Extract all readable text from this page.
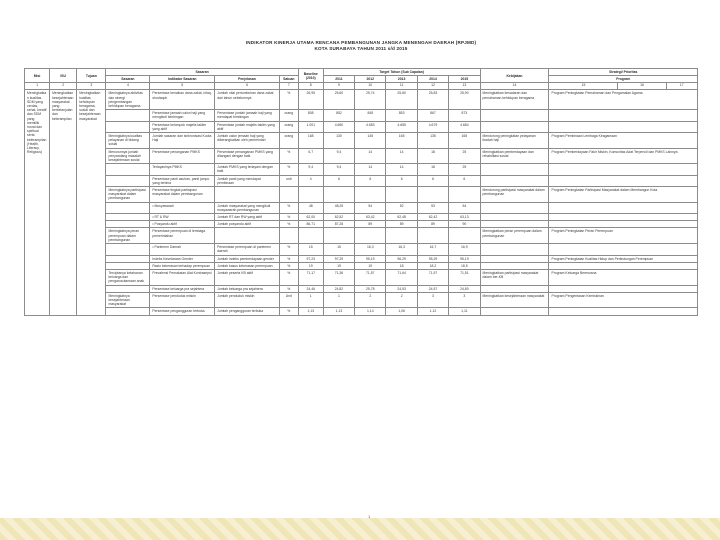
INDIKATOR KINERJA UTAMA RENCANA PEMBANGUNAN JANGKA MENENGAH DAERAH (RPJMD)
KOTA SURABAYA TAHUN 2011 s/d 2015
Misi	ISU	Tujuan	Sasaran				Baseline (2010)	Target Tahun (Sub Capaian)					Kebijakan	Strategi/ Prioritas		
			Sasaran	Indikator Sasaran	Penjelasan	Satuan		2011	2012	2013	2014	2015		Program		
1	2	3	4	5	6	7	8	9	10	11	12	13	14	15	16	17
Meningkatkan kualitas SDM yang cerdas, sehat, kreatif dan SDM yang memiliki moral dan spiritual serta keterampilan (Health, Literacy, Religious)	Meningkatkan kesejahteraan masyarakat yang berkelanjutan dan keterampilan	Meningkatkan kualitas kehidupan beragama, sosial dan kesejahteraan masyarakat	Meningkatnya aktivitas dan sinergi pengembangan kehidupan beragama	Persentase kenaikan dana zakat, infaq, shodaqoh	Jumlah nilai pertumbuhan dana zakat dari tahun sebelumnya	%	26,95	25,60	25,74	25,80	25,83	25,90	Meningkatkan kesadaran dan pemahaman kehidupan beragama	Program Peningkatan Pemahaman dan Pengamalan Agama		
				Persentase jamaah calon haji yang mengikuti bimbingan	Persentase jumlah jamaah haji yang mendapat bimbingan	orang	808	852	845	853	867	873				
				Persentase kelompok majelis taklim yang aktif	Persentase jumlah majelis taklim yang aktif	orang	1.001	4.650	4.653	4.655	4.679	4.684				
			Meningkatnya kualitas pelayanan di bidang sosial	Jumlah sasaran dan sinkronisasi Kuota Haji	Jumlah calon jemaah haji yang diberangkatkan oleh pemerintah	orang	168	130	145	165	135	165	Mendorong peningkatan pelayanan ibadah haji	Program Pembinaan Lembaga Keagamaan		
			Menurunnya jumlah penyandang masalah kesejahteraan sosial	Persentase penanganan PMKS	Persentase penanganan PMKS yang ditangani dengan baik	%	6,7	9,4	14	14	18	25	Meningkatkan pemberdayaan dan rehabilitasi sosial	Program Pemberdayaan Fakir Miskin, Komunitas Adat Terpencil dan PMKS Lainnya		
				Terlayaninya PMKS	Jumlah PMKS yang terlayani dengan baik	%	9,4	9,4	14	14	18	25				
				Persentase panti asuhan, panti jompo yang terbina	Jumlah panti yang mendapat pembinaan	unit	4	6	6	6	6	6				
			Meningkatnya partisipasi masyarakat dalam pembangunan	Persentase tingkat partisipasi masyarakat dalam pembangunan									Mendorong partisipasi masyarakat dalam pembangunan	Program Peningkatan Partisipasi Masyarakat dalam Membangun Kota		
				• Musyawarah	Jumlah masyarakat yang mengikuti musyawarah pembangunan	%	48	48,25	54	52	53	54				
				• RT & RW	Jumlah RT dan RW yang aktif	%	62,00	62,52	63,42	62,48	62,42	63,13				
				• Posyandu aktif	Jumlah posyandu aktif	%	86,71	87,28	89	89	89	90				
			Meningkatnya peran perempuan dalam pembangunan	Persentase perempuan di lembaga pemerintahan									Meningkatkan peran perempuan dalam pembangunan	Program Peningkatan Peran Perempuan		
				• Parlemen Daerah	Persentase perempuan di parlemen daerah	%	15	15	16,3	16,3	16,7	16,9				
				Indeks Kesetaraan Gender	Jumlah indeks pemberdayaan gender	%	97,23	97,29	95,19	96,29	95,29	95,19		Program Peningkatan Kualitas Hidup dan Perlindungan Perempuan		
				Rasio kekerasan terhadap perempuan	Jumlah kasus kekerasan perempuan	%	19	19	19	18	18,2	18,5				
			Terciptanya ketahanan keluarga dan pengarusutamaan anak	Prevalensi Pemakaian Alat Kontrasepsi	Jumlah peserta KB aktif	%	71,17	71,36	71,57	71,64	71,57	71,51	Meningkatkan partisipasi masyarakat dalam ber-KB	Program Keluarga Berencana		
				Persentase keluarga pra sejahtera	Jumlah keluarga pra sejahtera	%	24,46	24,82	25,78	24,53	24,57	24,80				
			Meningkatnya kesejahteraan masyarakat	Persentase penduduk miskin	Jumlah penduduk miskin	Unit	1	1	2	2	3	3	Meningkatkan kesejahteraan masyarakat	Program Pengentasan Kemiskinan		
				Persentase pengangguran terbuka	Jumlah pengangguran terbuka	%	1,13	1,13	1,14	1,06	1,12	1,11				
1
